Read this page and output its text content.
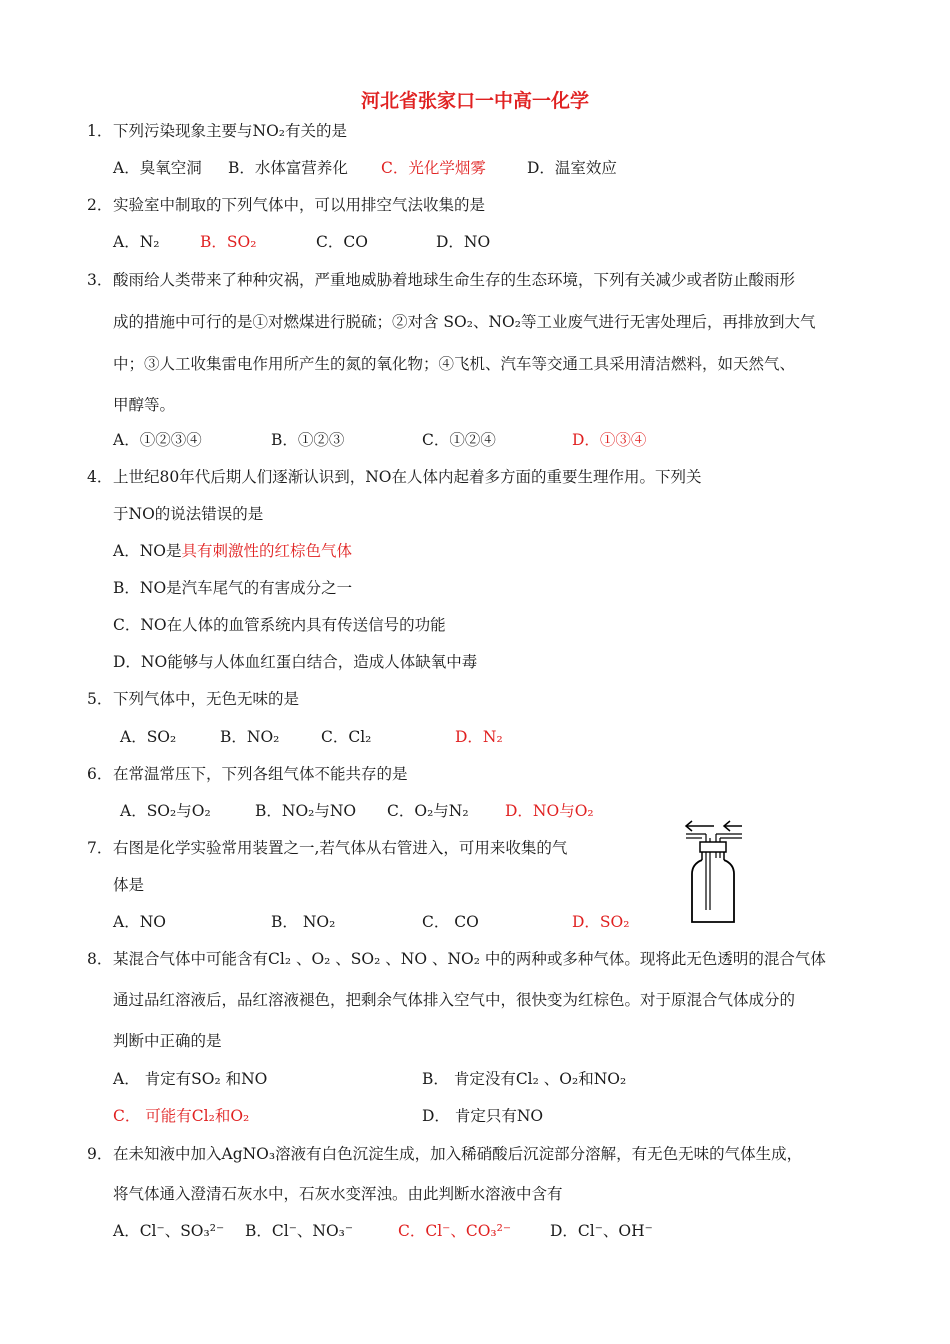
河北省张家口一中高一化学
1． 下列污染现象主要与NO₂有关的是
A．臭氧空洞 B．水体富营养化 C．光化学烟雾	D．温室效应
2． 实验室中制取的下列气体中，可以用排空气法收集的是
A．N₂	B．SO₂	C．CO	D．NO
3． 酸雨给人类带来了种种灾祸，严重地威胁着地球生命生存的生态环境，下列有关减少或者防止酸雨形
成的措施中可行的是①对燃煤进行脱硫；②对含 SO₂、NO₂等工业废气进行无害处理后，再排放到大气
中；③人工收集雷电作用所产生的氮的氧化物；④飞机、汽车等交通工具采用清洁燃料，如天然气、
甲醇等。
A．①②③④	B．①②③	C．①②④	D．①③④
4． 上世纪80年代后期人们逐渐认识到，NO在人体内起着多方面的重要生理作用。下列关
于NO的说法错误的是
A．NO是具有刺激性的红棕色气体
B．NO是汽车尾气的有害成分之一
C．NO在人体的血管系统内具有传送信号的功能
D．NO能够与人体血红蛋白结合，造成人体缺氧中毒
5． 下列气体中，无色无味的是
A．SO₂	B．NO₂	C．Cl₂	D．N₂
6． 在常温常压下，下列各组气体不能共存的是
A．SO₂与O₂	B．NO₂与NO C．O₂与N₂ D．NO与O₂
7． 右图是化学实验常用装置之一,若气体从右管进入，可用来收集的气
体是
A．NO	B． NO₂	C． CO	D．SO₂
8． 某混合气体中可能含有Cl₂ 、O₂ 、SO₂ 、NO 、NO₂ 中的两种或多种气体。现将此无色透明的混合气体
通过品红溶液后，品红溶液褪色，把剩余气体排入空气中，很快变为红棕色。对于原混合气体成分的
判断中正确的是
A． 肯定有SO₂ 和NO	B． 肯定没有Cl₂ 、O₂和NO₂
C． 可能有Cl₂和O₂	D． 肯定只有NO
9． 在未知液中加入AgNO₃溶液有白色沉淀生成，加入稀硝酸后沉淀部分溶解，有无色无味的气体生成，
将气体通入澄清石灰水中，石灰水变浑浊。由此判断水溶液中含有
A．Cl⁻、SO₃²⁻ B．Cl⁻、NO₃⁻	C．Cl⁻、CO₃²⁻	D．Cl⁻、OH⁻
